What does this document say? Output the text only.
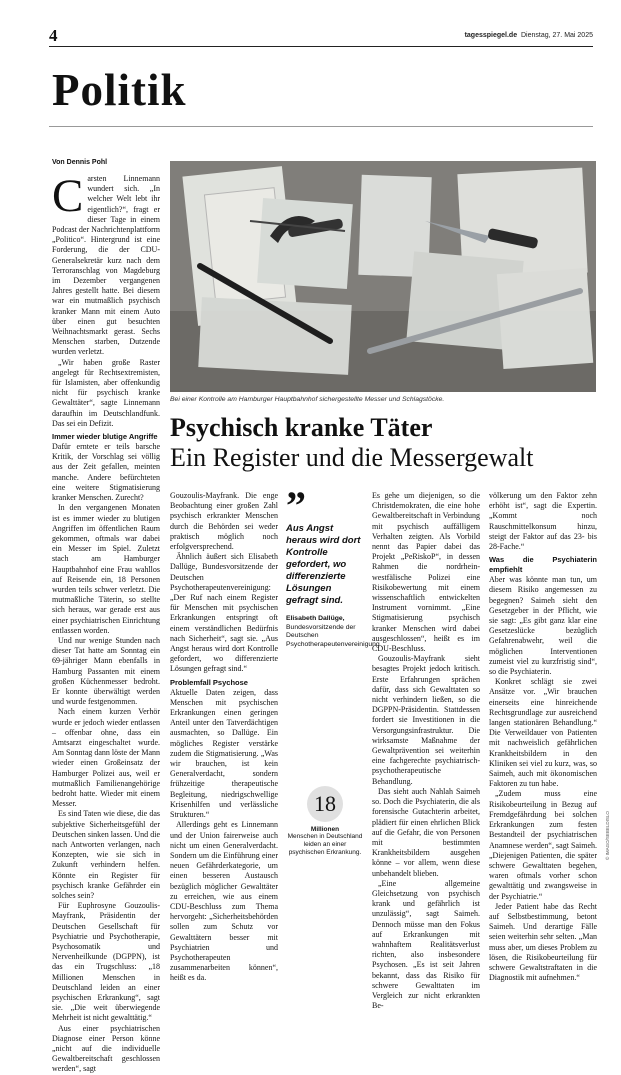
4	tagesspiegel.de Dienstag, 27. Mai 2025
Politik
Von Dennis Pohl

Carsten Linnemann wundert sich. „In welcher Welt lebt ihr eigentlich?“, fragt er dieser Tage in einem Podcast der Nachrichtenplattform „Politico“. Hintergrund ist eine Forderung, die der CDU-Generalsekretär kurz nach dem Terroranschlag von Magdeburg im Dezember vergangenen Jahres gestellt hatte. Bei diesem war ein mutmaßlich psychisch kranker Mann mit einem Auto über einen gut besuchten Weihnachtsmarkt gerast. Sechs Menschen starben, Dutzende wurden verletzt.

„Wir haben große Raster angelegt für Rechtsextremisten, für Islamisten, aber offenkundig nicht für psychisch kranke Gewalttäter“, sagte Linnemann daraufhin im Deutschlandfunk. Das sei ein Defizit.

Immer wieder blutige Angriffe

Dafür erntete er teils barsche Kritik, der Vorschlag sei völlig aus der Zeit gefallen, meinten manche. Andere befürchteten eine weitere Stigmatisierung kranker Menschen. Zurecht?

In den vergangenen Monaten ist es immer wieder zu blutigen Angriffen im öffentlichen Raum gekommen, oftmals war dabei ein Messer im Spiel. Zuletzt stach am Hamburger Hauptbahnhof eine Frau wahllos auf Reisende ein, 18 Personen wurden teils schwer verletzt. Die mutmaßliche Täterin, so stellte sich heraus, war gerade erst aus einer psychiatrischen Einrichtung entlassen worden.

Und nur wenige Stunden nach dieser Tat hatte am Sonntag ein 69-jähriger Mann ebenfalls in Hamburg Passanten mit einem großen Küchenmesser bedroht. Er konnte überwältigt werden und wurde festgenommen.

Nach einem kurzen Verhör wurde er jedoch wieder entlassen – offenbar ohne, dass ein Amtsarzt eingeschaltet wurde. Am Sonntag dann löste der Mann wieder einen Großeinsatz der Hamburger Polizei aus, weil er mutmaßlich Familienangehörige bedroht hatte. Wieder mit einem Messer.

Es sind Taten wie diese, die das subjektive Sicherheitsgefühl der Deutschen sinken lassen. Und die nach Antworten verlangen, nach Konzepten, wie sie sich in Zukunft verhindern helfen. Könnte ein Register für psychisch kranke Gefährder ein solches sein?

Für Euphrosyne Gouzoulis-Mayfrank, Präsidentin der Deutschen Gesellschaft für Psychiatrie und Psychotherapie, Psychosomatik und Nervenheilkunde (DGPPN), ist das ein Trugschluss: „18 Millionen Menschen in Deutschland leiden an einer psychischen Erkrankung“, sagt sie. „Die weit überwiegende Mehrheit ist nicht gewalttätig.“

Aus einer psychiatrischen Diagnose einer Person könne „nicht auf die individuelle Gewaltbereitschaft geschlossen werden“, sagt

Bei einer Kontrolle am Hamburger Hauptbahnhof sichergestellte Messer und Schlagstöcke.
© IMAGO/SEBELDISLO
Psychisch kranke Täter
Ein Register und die Messergewalt

Gouzoulis-Mayfrank. Die enge Beobachtung einer großen Zahl psychisch erkrankter Menschen durch die Behörden sei weder praktisch möglich noch erfolgversprechend.

Ähnlich äußert sich Elisabeth Dallüge, Bundesvorsitzende der Deutschen Psychotherapeutenvereinigung: „Der Ruf nach einem Register für Menschen mit psychischen Erkrankungen entspringt oft einem verständlichen Bedürfnis nach Sicherheit“, sagt sie. „Aus Angst heraus wird dort Kontrolle gefordert, wo differenzierte Lösungen gefragt sind.“

Problemfall Psychose

Aktuelle Daten zeigen, dass Menschen mit psychischen Erkrankungen einen geringen Anteil unter den Tatverdächtigen ausmachten, so Dallüge. Ein mögliches Register verstärke zudem die Stigmatisierung. „Was wir brauchen, ist kein Generalverdacht, sondern frühzeitige therapeutische Begleitung, niedrigschwellige Krisenhilfen und verlässliche Strukturen.“

Allerdings geht es Linnemann und der Union fairerweise auch nicht um einen Generalverdacht. Sondern um die Einführung einer neuen Gefährderkategorie, um einen besseren Austausch bezüglich möglicher Gewalttäter zu erreichen, wie aus einem CDU-Beschluss zum Thema hervorgeht: „Sicherheitsbehörden sollen zum Schutz vor Gewalttätern besser mit Psychiatrien und Psychotherapeuten zusammenarbeiten können“, heißt es da.

”
Aus Angst heraus wird dort Kontrolle gefordert, wo differenzierte Lösungen gefragt sind.
Elisabeth Dallüge,
Bundesvorsitzende der Deutschen Psychotherapeutenvereinigung
18
Millionen
Menschen in Deutschland leiden an einer psychischen Erkrankung.

Es gehe um diejenigen, so die Christdemokraten, die eine hohe Gewaltbereitschaft in Verbindung mit psychisch auffälligem Verhalten zeigten. Als Vorbild nennt das Papier dabei das Projekt „PeRiskoP“, in dessen Rahmen die nordrhein-westfälische Polizei eine Risikobewertung mit einem wissenschaftlich entwickelten Instrument vornimmt. „Eine Stigmatisierung psychisch kranker Menschen wird dabei ausgeschlossen“, heißt es im CDU-Beschluss.

Gouzoulis-Mayfrank sieht besagtes Projekt jedoch kritisch. Erste Erfahrungen sprächen dafür, dass sich Gewalttaten so nicht verhindern ließen, so die DGPPN-Präsidentin. Stattdessen fordert sie Investitionen in die Versorgungsinfrastruktur. Die wirksamste Maßnahme der Gewaltprävention sei weiterhin eine fachgerechte psychiatrisch-psychotherapeutische Behandlung.

Das sieht auch Nahlah Saimeh so. Doch die Psychiaterin, die als forensische Gutachterin arbeitet, plädiert für einen ehrlichen Blick auf die Gefahr, die von Personen mit bestimmten Krankheitsbildern ausgehen könne – vor allem, wenn diese unbehandelt blieben.

„Eine allgemeine Gleichsetzung von psychisch krank und gefährlich ist unzulässig“, sagt Saimeh. Dennoch müsse man den Fokus auf Erkrankungen mit wahnhaftem Realitätsverlust richten, also insbesondere Psychosen. „Es ist seit Jahren bekannt, dass das Risiko für schwere Gewalttaten im Vergleich zur nicht erkrankten Be-

völkerung um den Faktor zehn erhöht ist“, sagt die Expertin. „Kommt noch Rauschmittelkonsum hinzu, steigt der Faktor auf das 23- bis 28-Fache.“

Was die Psychiaterin empfiehlt

Aber was könnte man tun, um diesem Risiko angemessen zu begegnen? Saimeh sieht den Gesetzgeber in der Pflicht, wie sie sagt: „Es gibt ganz klar eine Gesetzeslücke bezüglich Gefahrenabwehr, weil die möglichen Interventionen zumeist viel zu kurzfristig sind“, so die Psychiaterin.

Konkret schlägt sie zwei Ansätze vor. „Wir brauchen einerseits eine hinreichende Rechtsgrundlage zur ausreichend langen stationären Behandlung.“ Die Verweildauer von Patienten mit nachweislich gefährlichen Krankheitsbildern in den Kliniken sei viel zu kurz, was, so Saimeh, auch mit ökonomischen Faktoren zu tun habe.

„Zudem muss eine Risikobeurteilung in Bezug auf Fremdgefährdung bei solchen Erkrankungen zum festen Bestandteil der psychiatrischen Anamnese werden“, sagt Saimeh. „Diejenigen Patienten, die später schwere Gewalttaten begehen, waren oftmals vorher schon gewalttätig und zwangsweise in der Psychiatrie.“

Jeder Patient habe das Recht auf Selbstbestimmung, betont Saimeh. Und derartige Fälle seien weiterhin sehr selten. „Man muss aber, um dieses Problem zu lösen, die Risikobeurteilung für schwere Gewaltstraftaten in die Diagnostik mit aufnehmen.“
